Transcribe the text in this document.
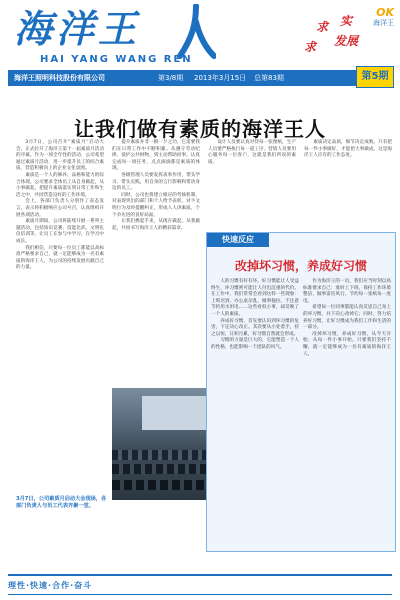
海洋王
HAI YANG WANG REN
求 实
求 发展
OK
海洋王
海洋王照明科技股份有限公司	第3/8期 2013年3月15日 总第83期	第5期
让我们做有素质的海洋王人

3月7日，公司召开“素质月”启动大会，正式拉开了海洋王第十一届素质月活动的序幕。作为一项全年性的活动，公司希望通过素质月活动，进一步提升员工的综合素质，营造积极向上的企业文化氛围。

素质是一个人的修养、品格和能力的综合体现。公司要求全体员工从自身做起，从小事做起，把提升素质落实到日常工作和生活之中，共同营造良好的工作环境。

会上，各部门负责人分别作了表态发言，表示将积极响应公司号召，认真组织开展各项活动。

素质月期间，公司将陆续开展一系列主题活动，包括知识竞赛、技能比武、文明礼仪培训等，让员工在参与中学习，在学习中成长。

我们相信，只要每一位员工都能以高标准严格要求自己，就一定能够成为一名有素质的海洋王人，为公司的持续发展贡献自己的力量。

提升素质并非一朝一夕之功，它需要我们在日常工作中不断积累。从遵守劳动纪律、爱护公共财物，到主动帮助同事、认真完成每一项任务，点点滴滴都是素质的体现。

各级管理人员要发挥表率作用，带头学习、带头实践，用自身的言行影响和带动身边的员工。

同时，公司也将建立相应的考核机制，对表现突出的部门和个人给予表彰，对不文明行为及时提醒纠正，形成人人讲素质、个个争先进的良好局面。

让我们携起手来，从现在做起，从我做起，共同书写海洋王人的精彩篇章。

设计人员要认真对待每一张图纸，生产人员要严格执行每一道工序，营销人员要用心服务每一位客户，这就是我们所说的素质。

素质决定品质，细节决定成败。只有把每一件小事做好，才能把大事做成，这是海洋王人应有的工作态度。

3月7日，公司素质月启动大会现场，各部门负责人与员工代表齐聚一堂。
快速反应
改掉坏习惯，养成好习惯

人的习惯有好有坏。好习惯能让人受益终生，坏习惯则可能让人付出沉重的代价。在工作中，我们常常会看到这样一些现象：上班迟到、办公桌杂乱、做事拖拉、不注意节约用水用电……这些看似小事，却反映了一个人的素质。

养成好习惯，首先要认识到坏习惯的危害，下定决心改正。其次要从小处着手，持之以恒，日积月累，好习惯自然就会形成。

习惯的力量是巨大的，它能塑造一个人的性格，也能影响一个团队的风气。

作为海洋王的一员，我们应当时刻以高标准要求自己：准时上下班、保持工作环境整洁、做事雷厉风行、节约每一张纸每一度电。

希望每一位同事都能认真反思自己身上的坏习惯，并下决心改掉它；同时，努力培养好习惯，让好习惯成为我们工作和生活的一部分。

改掉坏习惯，养成好习惯，从今天开始，从每一件小事开始。只要我们坚持不懈，就一定能够成为一名有素质的海洋王人。

理性·快速·合作·奋斗
